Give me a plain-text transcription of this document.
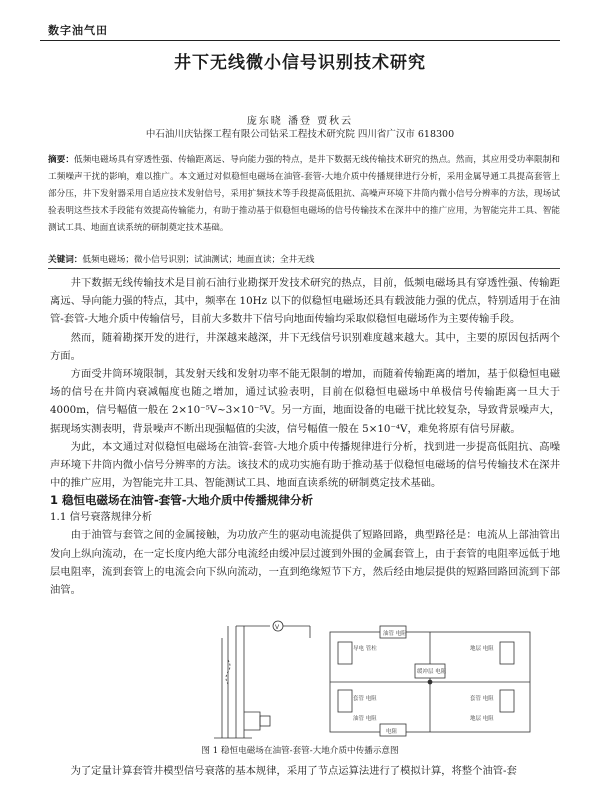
数字油气田
井下无线微小信号识别技术研究
庞东晓 潘登 贾秋云
中石油川庆钻探工程有限公司钻采工程技术研究院 四川省广汉市 618300
摘要：低频电磁场具有穿透性强、传输距离远、导向能力强的特点，是井下数据无线传输技术研究的热点。然而，其应用受功率限制和工频噪声干扰的影响，难以推广。本文通过对似稳恒电磁场在油管-套管-大地介质中传播规律进行分析，采用金属导通工具提高套管上部分压，井下发射器采用自适应技术发射信号，采用扩频技术等手段提高低阻抗、高噪声环境下井筒内微小信号分辨率的方法，现场试验表明这些技术手段能有效提高传输能力，有助于推动基于似稳恒电磁场的信号传输技术在深井中的推广应用，为智能完井工具、智能测试工具、地面直读系统的研制奠定技术基础。
关键词：低频电磁场；微小信号识别；试油测试；地面直读；全井无线

井下数据无线传输技术是目前石油行业勘探开发技术研究的热点，目前，低频电磁场具有穿透性强、传输距离远、导向能力强的特点，其中，频率在 10Hz 以下的似稳恒电磁场还具有载波能力强的优点，特别适用于在油管-套管-大地介质中传输信号，目前大多数井下信号向地面传输均采取似稳恒电磁场作为主要传输手段。

然而，随着勘探开发的进行，井深越来越深，井下无线信号识别难度越来越大。其中，主要的原因包括两个方面。

方面受井筒环境限制，其发射天线和发射功率不能无限制的增加，而随着传输距离的增加，基于似稳恒电磁场的信号在井筒内衰减幅度也随之增加，通过试验表明，目前在似稳恒电磁场中单极信号传输距离一旦大于 4000m，信号幅值一般在 2×10⁻⁵V~3×10⁻⁵V。另一方面，地面设备的电磁干扰比较复杂，导致背景噪声大，据现场实测表明，背景噪声不断出现强幅值的尖波，信号幅值一般在 5×10⁻⁴V，难免将原有信号屏蔽。

为此，本文通过对似稳恒电磁场在油管-套管-大地介质中传播规律进行分析，找到进一步提高低阻抗、高噪声环境下井筒内微小信号分辨率的方法。该技术的成功实施有助于推动基于似稳恒电磁场的信号传输技术在深井中的推广应用，为智能完井工具、智能测试工具、地面直读系统的研制奠定技术基础。

1 稳恒电磁场在油管-套管-大地介质中传播规律分析
1.1 信号衰落规律分析

由于油管与套管之间的金属接触，为功放产生的驱动电流提供了短路回路，典型路径是：电流从上部油管出发向上纵向流动，在一定长度内绝大部分电流经由缓冲层过渡到外围的金属套管上，由于套管的电阻率远低于地层电阻率，流到套管上的电流会向下纵向流动，一直到绝缘短节下方，然后经由地层提供的短路回路回流到下部油管。

V
导电 管柱
油管 电阻
套管 电阻
地层 电阻
缓冲层 电阻
套管 电阻
油管 电阻	地层 电阻
电阻
图 1 稳恒电磁场在油管-套管-大地介质中传播示意图

为了定量计算套管井模型信号衰落的基本规律，采用了节点运算法进行了模拟计算，将整个油管-套
